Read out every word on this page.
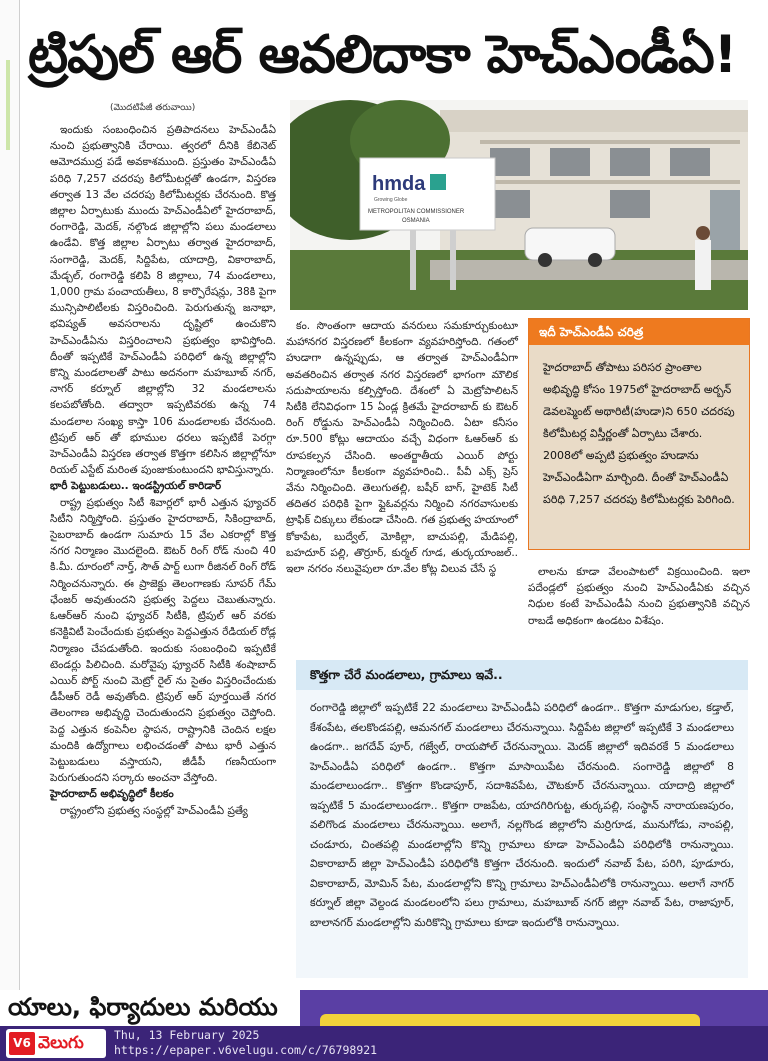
ట్రిపుల్ ఆర్ ఆవలిదాకా హెచ్ఎండీఏ!
(మొదటిపేజీ తరువాయి)

ఇందుకు సంబంధించిన ప్రతిపాదనలు హెచ్ఎండీఏ నుంచి ప్రభుత్వానికి చేరాయి. త్వరలో దీనికి కేబినెట్ ఆమోదముద్ర పడే అవకాశముంది. ప్రస్తుతం హెచ్ఎండీఏ పరిధి 7,257 చదరపు కిలోమీటర్లతో ఉండగా, విస్తరణ తర్వాత 13 వేల చదరపు కిలోమీటర్లకు చేరనుంది. కొత్త జిల్లాల ఏర్పాటుకు ముందు హెచ్ఎండీఏలో హైదరాబాద్, రంగారెడ్డి, మెదక్, నల్గొండ జిల్లాల్లోని పలు మండలాలు ఉండేవి. కొత్త జిల్లాల ఏర్పాటు తర్వాత హైదరాబాద్, సంగారెడ్డి, మెదక్, సిద్దిపేట, యాదాద్రి, వికారాబాద్, మేడ్చల్, రంగారెడ్డి కలిపి 8 జిల్లాలు, 74 మండలాలు, 1,000 గ్రామ పంచాయతీలు, 8 కార్పొరేషన్లు, 38కి పైగా మున్సిపాలిటీలకు విస్తరించింది. పెరుగుతున్న జనాభా, భవిష్యత్ అవసరాలను దృష్టిలో ఉంచుకొని హెచ్ఎండీఏను విస్తరించాలని ప్రభుత్వం భావిస్తోంది. దీంతో ఇప్పటికే హెచ్ఎండీఏ పరిధిలో ఉన్న జిల్లాల్లోని కొన్ని మండలాలతో పాటు అదనంగా మహబూబ్ నగర్, నాగర్ కర్నూల్ జిల్లాల్లోని 32 మండలాలను కలపబోతోంది. తద్వారా ఇప్పటివరకు ఉన్న 74 మండలాల సంఖ్య కాస్తా 106 మండలాలకు చేరనుంది. ట్రిపుల్ ఆర్ తో భూముల ధరలు ఇప్పటికే పెరగ్గా హెచ్ఎండీఏ విస్తరణ తర్వాత కొత్తగా కలిసిన జిల్లాల్లోనూ రియల్ ఎస్టేట్ మరింత పుంజుకుంటుందని భావిస్తున్నారు.

భారీ పెట్టుబడులు.. ఇండస్ట్రియల్ కారిడార్

రాష్ట్ర ప్రభుత్వం సిటీ శివార్లలో భారీ ఎత్తున ఫ్యూచర్ సిటీని నిర్మిస్తోంది. ప్రస్తుతం హైదరాబాద్, సికింద్రాబాద్, సైబరాబాద్ ఉండగా సుమారు 15 వేల ఎకరాల్లో కొత్త నగర నిర్మాణం మొదలైంది. ఔటర్ రింగ్ రోడ్ నుంచి 40 కి.మీ. దూరంలో నార్త్, సౌత్ పార్ట్ లుగా రీజినల్ రింగ్ రోడ్ నిర్మించనున్నారు. ఈ ప్రాజెక్టు తెలంగాణకు సూపర్ గేమ్ ఛేంజర్ అవుతుందని ప్రభుత్వ పెద్దలు చెబుతున్నారు. ఓఆర్ఆర్ నుంచి ఫ్యూచర్ సిటీకి, ట్రిపుల్ ఆర్ వరకు కనెక్టివిటీ పెంచేందుకు ప్రభుత్వం పెద్దఎత్తున రేడియల్ రోడ్ల నిర్మాణం చేపడుతోంది. ఇందుకు సంబంధించి ఇప్పటికే టెండర్లు పిలిచింది. మరోవైపు ఫ్యూచర్ సిటీకి శంషాబాద్ ఎయిర్ పోర్ట్ నుంచి మెట్రో రైల్ ను సైతం విస్తరించేందుకు డీపీఆర్ రెడీ అవుతోంది. ట్రిపుల్ ఆర్ పూర్తయితే నగర తెలంగాణ అభివృద్ధి చెందుతుందని ప్రభుత్వం చెప్తోంది. పెద్ద ఎత్తున కంపెనీల స్థాపన, రాష్ట్రానికి చెందిన లక్షల మందికి ఉద్యోగాలు లభించడంతో పాటు భారీ ఎత్తున పెట్టుబడులు వస్తాయని, జీడీపీ గణనీయంగా పెరుగుతుందని సర్కారు అంచనా వేస్తోంది.

హైదరాబాద్ అభివృద్ధిలో కీలకం

రాష్ట్రంలోని ప్రభుత్వ సంస్థల్లో హెచ్ఎండీఏ ప్రత్యే

hmda
Growing Globe
METROPOLITAN COMMISSIONER
OSMANIA

కం. సొంతంగా ఆదాయ వనరులు సమకూర్చుకుంటూ మహానగర విస్తరణలో కీలకంగా వ్యవహరిస్తోంది. గతంలో హుడాగా ఉన్నప్పుడు, ఆ తర్వాత హెచ్ఎండీఏగా అవతరించిన తర్వాత నగర విస్తరణలో భాగంగా మౌలిక సదుపాయాలను కల్పిస్తోంది. దేశంలో ఏ మెట్రోపాలిటన్ సిటీకి లేనివిధంగా 15 ఏండ్ల క్రితమే హైదరాబాద్ కు ఔటర్ రింగ్ రోడ్డును హెచ్ఎండీఏ నిర్మించింది. ఏటా కనీసం రూ.500 కోట్లు ఆదాయం వచ్చే విధంగా ఓఆర్ఆర్ కు రూపకల్పన చేసింది. అంతర్జాతీయ ఎయిర్ పోర్టు నిర్మాణంలోనూ కీలకంగా వ్యవహరించి.. పీవీ ఎక్స్ ప్రెస్ వేను నిర్మించింది. తెలుగుతల్లి, బషీర్ బాగ్, హైటెక్ సిటీ తదితర పరిధికి పైగా ఫ్లైఓవర్లను నిర్మించి నగరవాసులకు ట్రాఫిక్ చిక్కులు లేకుండా చేసింది. గత ప్రభుత్వ హయాంలో కోకాపేట, బుద్వేల్, మోకిల్లా, బాచుపల్లి, మేడిపల్లి, బహదూర్ పల్లి, తొర్రూర్, కుర్మల్ గూడ, తుర్కయాంజల్.. ఇలా నగరం నలువైపులా రూ.వేల కోట్ల విలువ చేసే స్థ

ఇదీ హెచ్ఎండీఏ చరిత్ర
హైదరాబాద్ తోపాటు పరిసర ప్రాంతాల అభివృద్ధి కోసం 1975లో హైదరాబాద్ అర్బన్ డెవలప్మెంట్ అథారిటీ(హుడా)ని 650 చదరపు కిలోమీటర్ల విస్తీర్ణంతో ఏర్పాటు చేశారు. 2008లో అప్పటి ప్రభుత్వం హుడాను హెచ్ఎండీఏగా మార్చింది. దీంతో హెచ్ఎండీఏ పరిధి 7,257 చదరపు కిలోమీటర్లకు పెరిగింది.

లాలను కూడా వేలంపాటలో విక్రయించింది. ఇలా పదేండ్లలో ప్రభుత్వం నుంచి హెచ్ఎండీఏకు వచ్చిన నిధుల కంటే హెచ్ఎండీఏ నుంచి ప్రభుత్వానికి వచ్చిన రాబడే అధికంగా ఉండటం విశేషం.

కొత్తగా చేరే మండలాలు, గ్రామాలు ఇవే..
రంగారెడ్డి జిల్లాలో ఇప్పటికే 22 మండలాలు హెచ్ఎండీఏ పరిధిలో ఉండగా.. కొత్తగా మాడుగుల, కడ్తాల్, కేశంపేట, తలకొండపల్లి, ఆమనగల్ మండలాలు చేరనున్నాయి. సిద్దిపేట జిల్లాలో ఇప్పటికే 3 మండలాలు ఉండగా.. జగదేవ్ పూర్, గజ్వేల్, రాయపోల్ చేరనున్నాయి. మెదక్ జిల్లాలో ఇదివరకే 5 మండలాలు హెచ్ఎండీఏ పరిధిలో ఉండగా.. కొత్తగా మాసాయిపేట చేరనుంది. సంగారెడ్డి జిల్లాలో 8 మండలాలుండగా.. కొత్తగా కొండాపూర్, సదాశివపేట, చౌటకూర్ చేరనున్నాయి. యాదాద్రి జిల్లాలో ఇప్పటికే 5 మండలాలుండగా.. కొత్తగా రాజపేట, యాదగిరిగుట్ట, తుర్కపల్లి, సంస్థాన్ నారాయణపురం, వలిగొండ మండలాలు చేరనున్నాయి. అలాగే, నల్లగొండ జిల్లాలోని మర్రిగూడ, మునుగోడు, నాంపల్లి, చండూరు, చింతపల్లి మండలాల్లోని కొన్ని గ్రామాలు కూడా హెచ్ఎండీఏ పరిధిలోకి రానున్నాయి. వికారాబాద్ జిల్లా హెచ్ఎండీఏ పరిధిలోకి కొత్తగా చేరనుంది. ఇందులో నవాబ్ పేట, పరిగి, పూడూరు, వికారాబాద్, మోమిన్ పేట, మండలాల్లోని కొన్ని గ్రామాలు హెచ్ఎండీఏలోకి రానున్నాయి. అలాగే నాగర్ కర్నూల్ జిల్లా వెల్దండ మండలంలోని పలు గ్రామాలు, మహబూబ్ నగర్ జిల్లా నవాబ్ పేట, రాజాపూర్, బాలానగర్ మండలాల్లోని మరికొన్ని గ్రామాలు కూడా ఇందులోకి రానున్నాయి.
యాలు, ఫిర్యాదులు మరియు
V6 వెలుగు	Thu, 13 February 2025
https://epaper.v6velugu.com/c/76798921
